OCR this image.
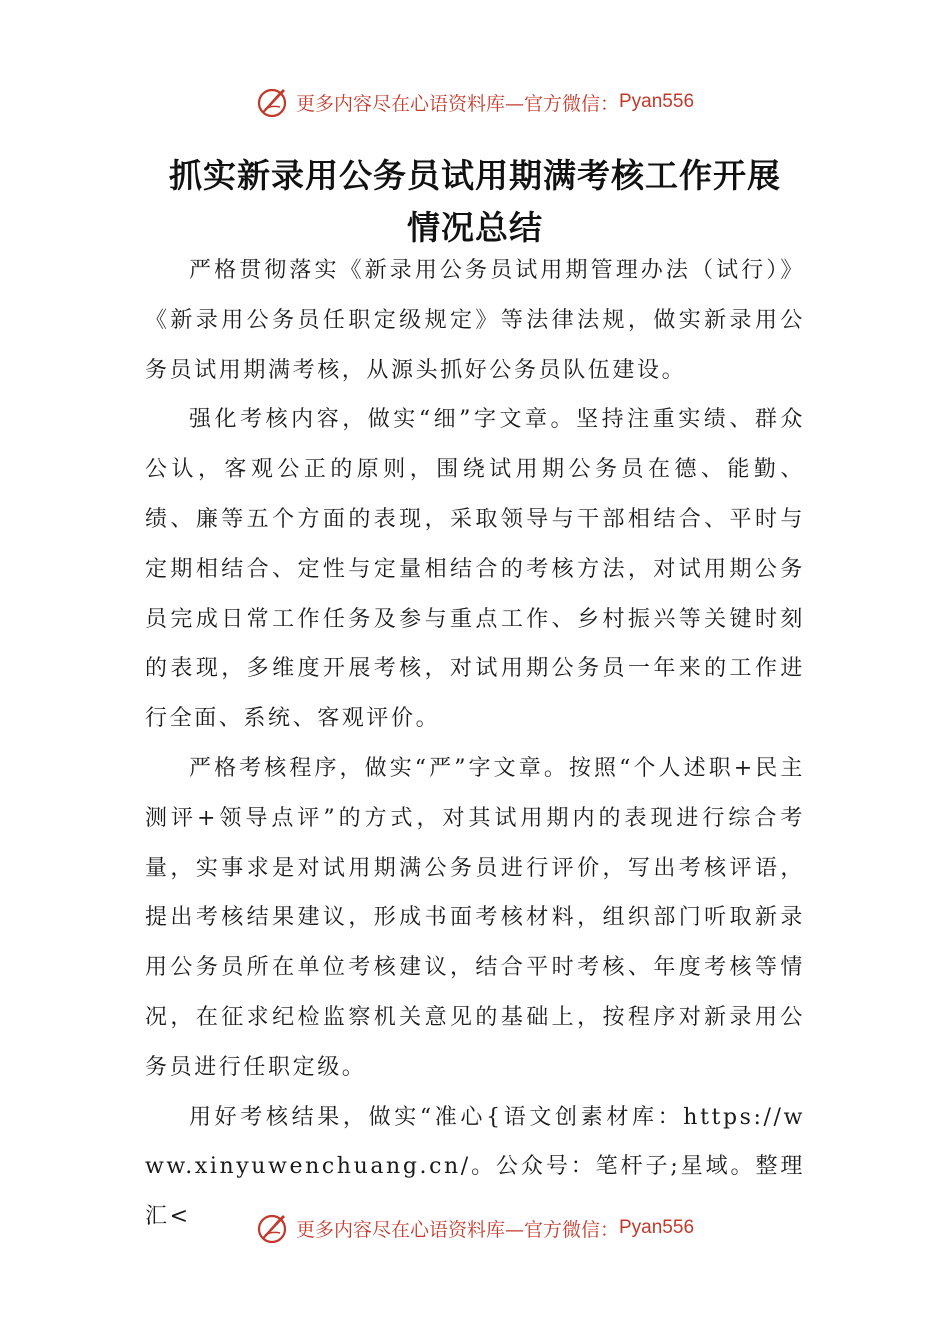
更多内容尽在心语资料库—官方微信： Pyan556
抓实新录用公务员试用期满考核工作开展
情况总结

严格贯彻落实《新录用公务员试用期管理办法（试行）》《新录用公务员任职定级规定》等法律法规，做实新录用公务员试用期满考核，从源头抓好公务员队伍建设。

强化考核内容，做实“细”字文章。坚持注重实绩、群众公认，客观公正的原则，围绕试用期公务员在德、能勤、绩、廉等五个方面的表现，采取领导与干部相结合、平时与定期相结合、定性与定量相结合的考核方法，对试用期公务员完成日常工作任务及参与重点工作、乡村振兴等关键时刻的表现，多维度开展考核，对试用期公务员一年来的工作进行全面、系统、客观评价。

严格考核程序，做实“严”字文章。按照“个人述职+民主测评+领导点评”的方式，对其试用期内的表现进行综合考量，实事求是对试用期满公务员进行评价，写出考核评语，提出考核结果建议，形成书面考核材料，组织部门听取新录用公务员所在单位考核建议，结合平时考核、年度考核等情况，在征求纪检监察机关意见的基础上，按程序对新录用公务员进行任职定级。

用好考核结果，做实“准心{语文创素材库：https://www.xinyuwenchuang.cn/。公众号：笔杆子;星域。整理汇<

更多内容尽在心语资料库—官方微信： Pyan556
